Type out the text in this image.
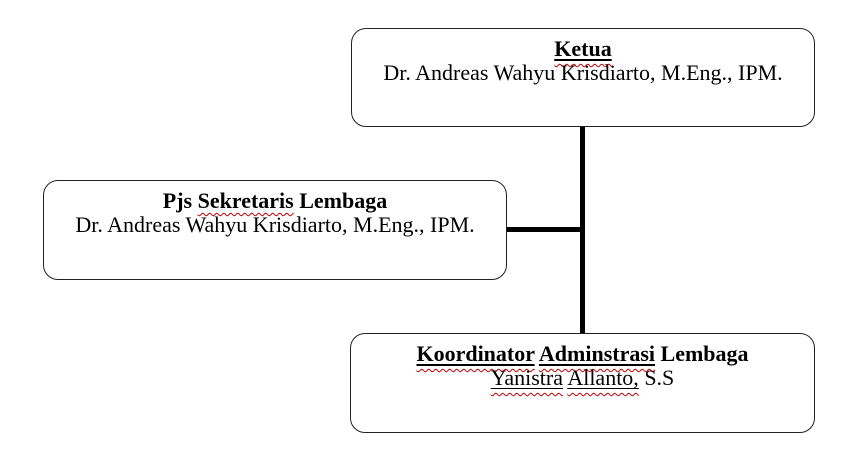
Ketua
Dr. Andreas Wahyu Krisdiarto, M.Eng., IPM.
Pjs Sekretaris Lembaga
Dr. Andreas Wahyu Krisdiarto, M.Eng., IPM.
Koordinator Adminstrasi Lembaga
Yanistra Allanto, S.S
